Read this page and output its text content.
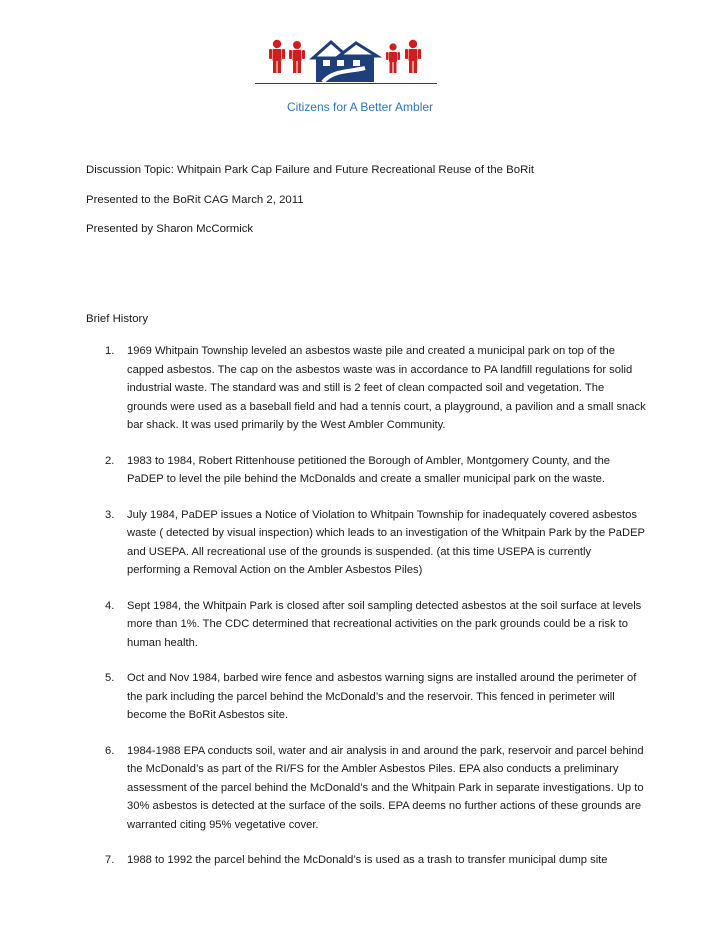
Citizens for A Better Ambler
Discussion Topic: Whitpain Park Cap Failure and Future Recreational Reuse of the BoRit
Presented to the BoRit CAG March 2, 2011
Presented by Sharon McCormick
Brief History
1. 1969 Whitpain Township leveled an asbestos waste pile and created a municipal park on top of the capped asbestos. The cap on the asbestos waste was in accordance to PA landfill regulations for solid industrial waste. The standard was and still is 2 feet of clean compacted soil and vegetation. The grounds were used as a baseball field and had a tennis court, a playground, a pavilion and a small snack bar shack. It was used primarily by the West Ambler Community.
2. 1983 to 1984, Robert Rittenhouse petitioned the Borough of Ambler, Montgomery County, and the PaDEP to level the pile behind the McDonalds and create a smaller municipal park on the waste.
3. July 1984, PaDEP issues a Notice of Violation to Whitpain Township for inadequately covered asbestos waste ( detected by visual inspection) which leads to an investigation of the Whitpain Park by the PaDEP and USEPA. All recreational use of the grounds is suspended. (at this time USEPA is currently performing a Removal Action on the Ambler Asbestos Piles)
4. Sept 1984, the Whitpain Park is closed after soil sampling detected asbestos at the soil surface at levels more than 1%. The CDC determined that recreational activities on the park grounds could be a risk to human health.
5. Oct and Nov 1984, barbed wire fence and asbestos warning signs are installed around the perimeter of the park including the parcel behind the McDonald’s and the reservoir. This fenced in perimeter will become the BoRit Asbestos site.
6. 1984-1988 EPA conducts soil, water and air analysis in and around the park, reservoir and parcel behind the McDonald’s as part of the RI/FS for the Ambler Asbestos Piles. EPA also conducts a preliminary assessment of the parcel behind the McDonald’s and the Whitpain Park in separate investigations. Up to 30% asbestos is detected at the surface of the soils. EPA deems no further actions of these grounds are warranted citing 95% vegetative cover.
7. 1988 to 1992 the parcel behind the McDonald’s is used as a trash to transfer municipal dump site
